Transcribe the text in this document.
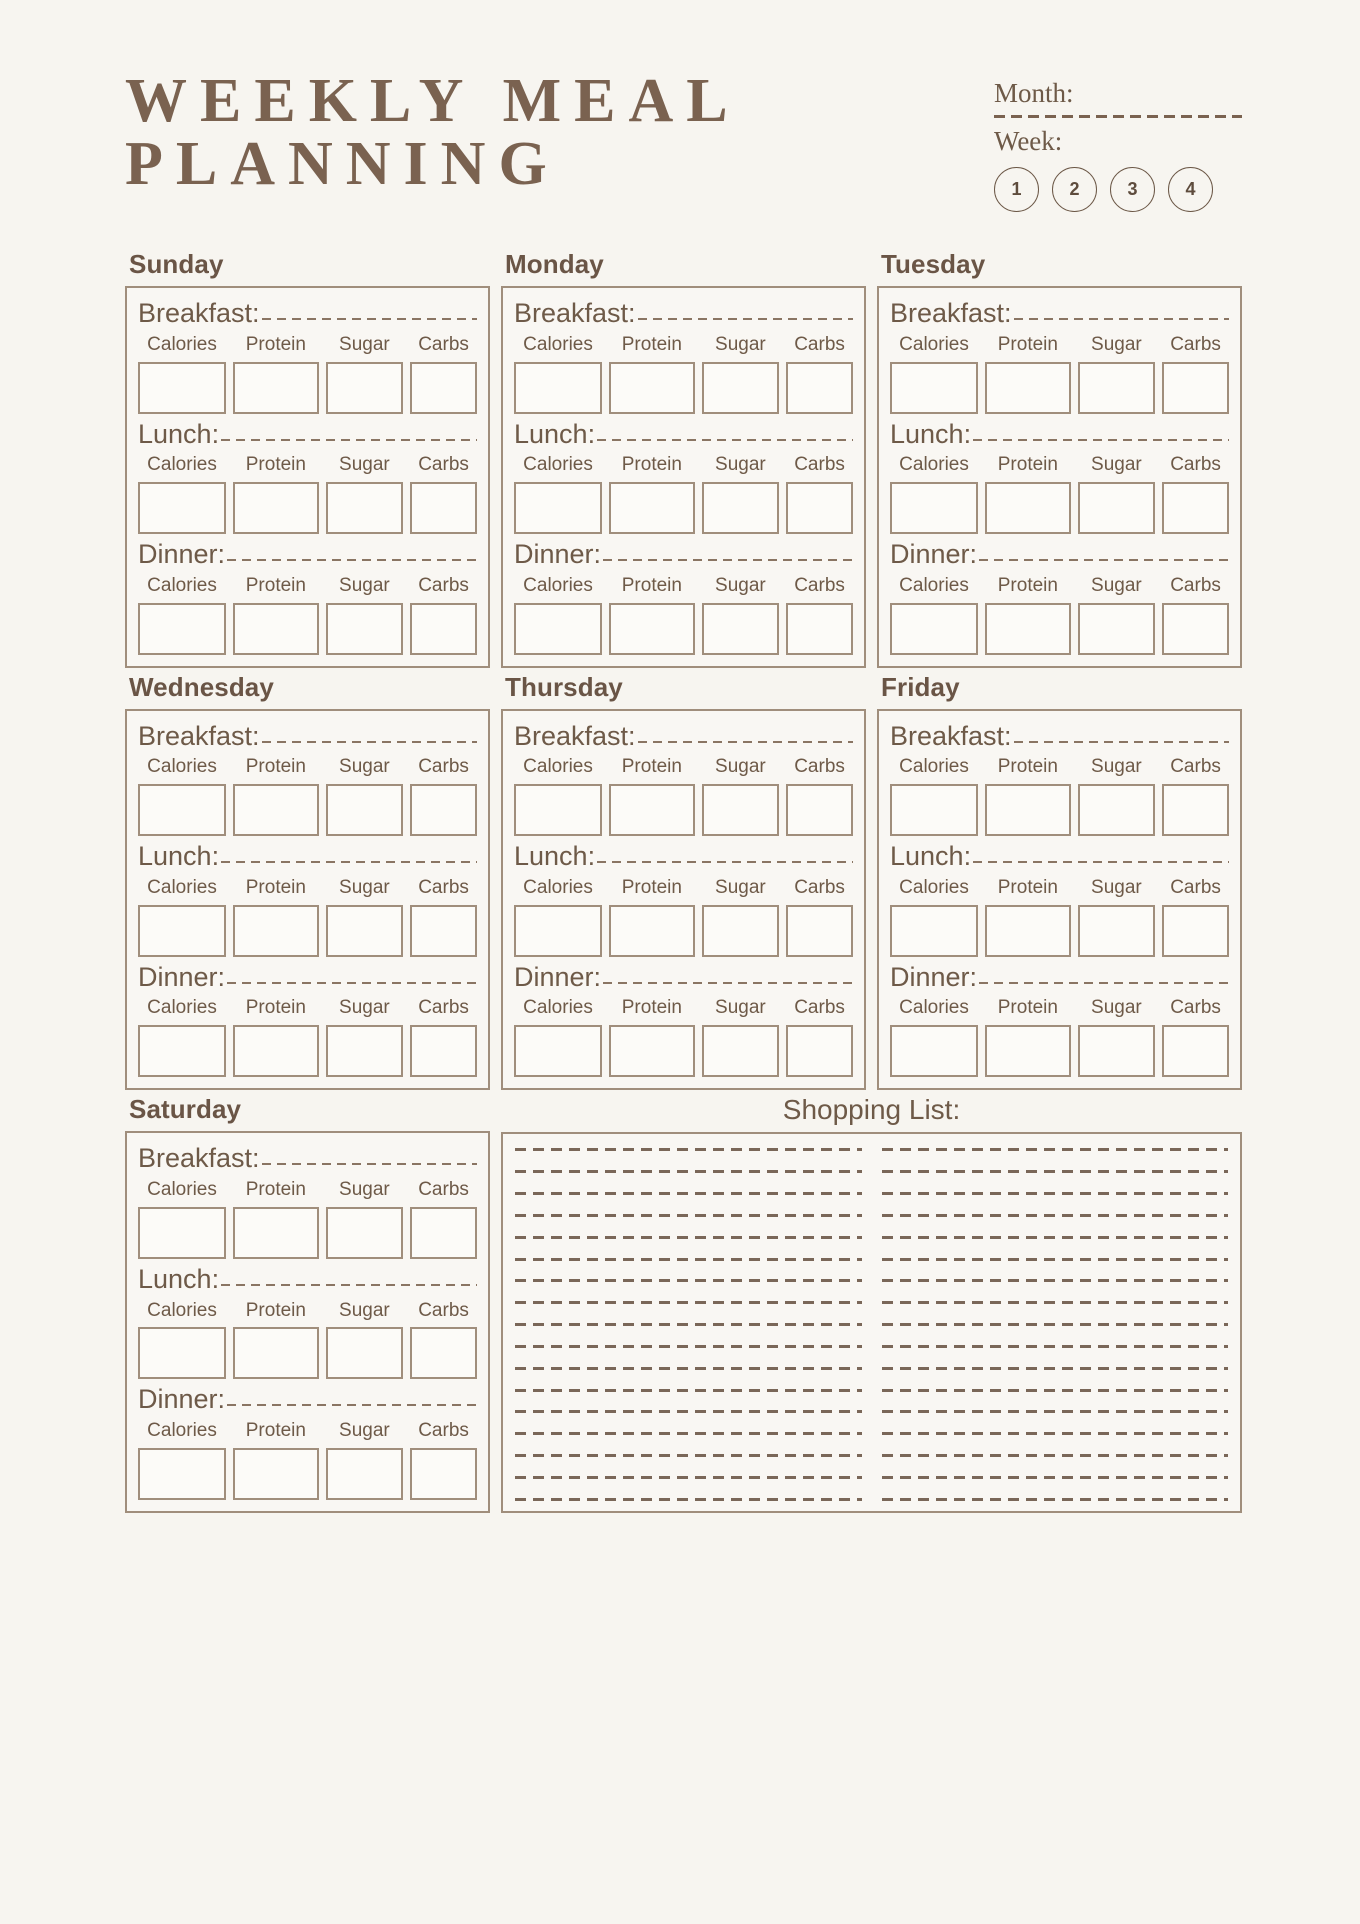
WEEKLY MEAL
PLANNING
Month:
Week:
1	2	3	4
Sunday
Breakfast:
Calories	Protein	Sugar	Carbs
Lunch:
Calories	Protein	Sugar	Carbs
Dinner:
Calories	Protein	Sugar	Carbs
Monday
Breakfast:
Calories	Protein	Sugar	Carbs
Lunch:
Calories	Protein	Sugar	Carbs
Dinner:
Calories	Protein	Sugar	Carbs
Tuesday
Breakfast:
Calories	Protein	Sugar	Carbs
Lunch:
Calories	Protein	Sugar	Carbs
Dinner:
Calories	Protein	Sugar	Carbs
Wednesday
Breakfast:
Calories	Protein	Sugar	Carbs
Lunch:
Calories	Protein	Sugar	Carbs
Dinner:
Calories	Protein	Sugar	Carbs
Thursday
Breakfast:
Calories	Protein	Sugar	Carbs
Lunch:
Calories	Protein	Sugar	Carbs
Dinner:
Calories	Protein	Sugar	Carbs
Friday
Breakfast:
Calories	Protein	Sugar	Carbs
Lunch:
Calories	Protein	Sugar	Carbs
Dinner:
Calories	Protein	Sugar	Carbs
Saturday
Breakfast:
Calories	Protein	Sugar	Carbs
Lunch:
Calories	Protein	Sugar	Carbs
Dinner:
Calories	Protein	Sugar	Carbs
Shopping List:
